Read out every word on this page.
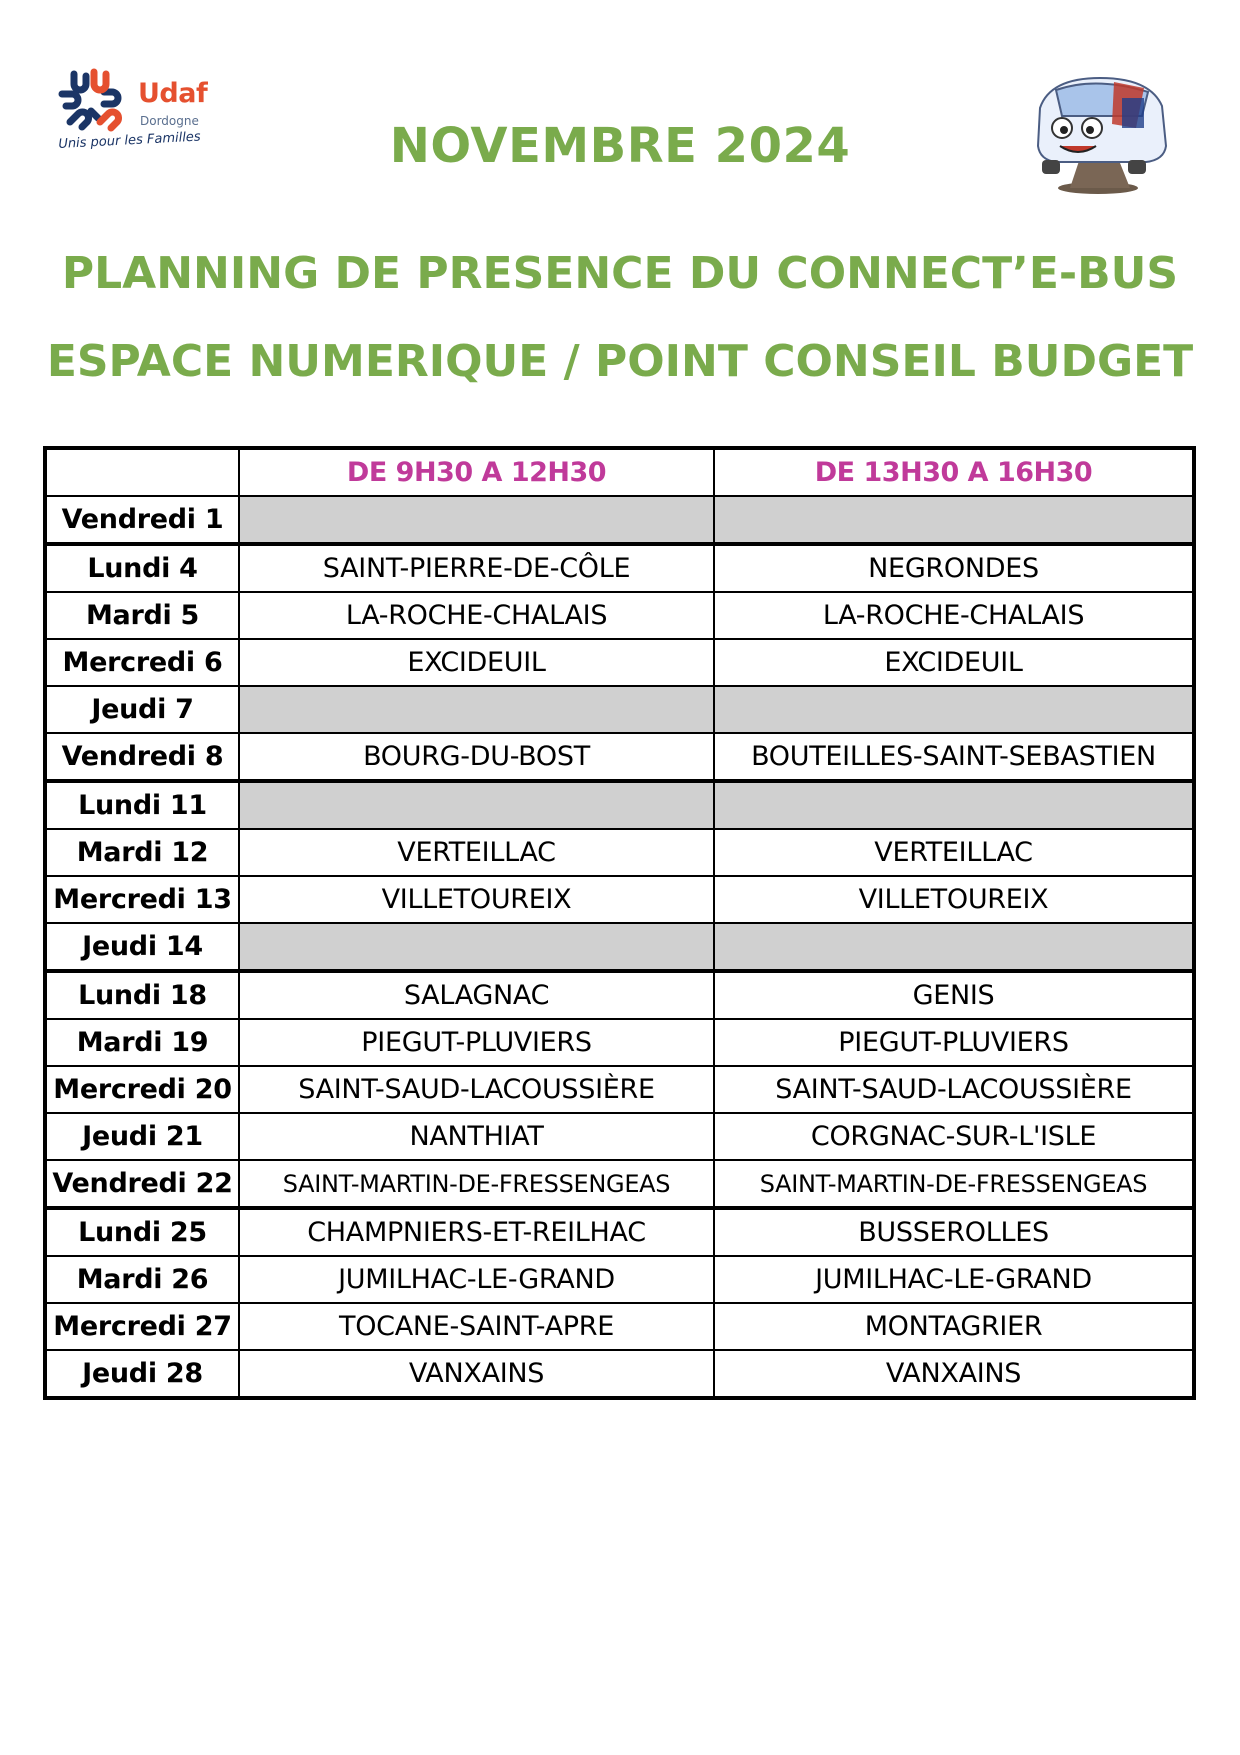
Udaf
Dordogne
Unis pour les Familles	NOVEMBRE 2024
PLANNING DE PRESENCE DU CONNECT’E-BUS
ESPACE NUMERIQUE / POINT CONSEIL BUDGET
	DE 9H30 A 12H30	DE 13H30 A 16H30
Vendredi 1		
Lundi 4	SAINT-PIERRE-DE-CÔLE	NEGRONDES
Mardi 5	LA-ROCHE-CHALAIS	LA-ROCHE-CHALAIS
Mercredi 6	EXCIDEUIL	EXCIDEUIL
Jeudi 7		
Vendredi 8	BOURG-DU-BOST	BOUTEILLES-SAINT-SEBASTIEN
Lundi 11		
Mardi 12	VERTEILLAC	VERTEILLAC
Mercredi 13	VILLETOUREIX	VILLETOUREIX
Jeudi 14		
Lundi 18	SALAGNAC	GENIS
Mardi 19	PIEGUT-PLUVIERS	PIEGUT-PLUVIERS
Mercredi 20	SAINT-SAUD-LACOUSSIÈRE	SAINT-SAUD-LACOUSSIÈRE
Jeudi 21	NANTHIAT	CORGNAC-SUR-L'ISLE
Vendredi 22	SAINT-MARTIN-DE-FRESSENGEAS	SAINT-MARTIN-DE-FRESSENGEAS
Lundi 25	CHAMPNIERS-ET-REILHAC	BUSSEROLLES
Mardi 26	JUMILHAC-LE-GRAND	JUMILHAC-LE-GRAND
Mercredi 27	TOCANE-SAINT-APRE	MONTAGRIER
Jeudi 28	VANXAINS	VANXAINS
